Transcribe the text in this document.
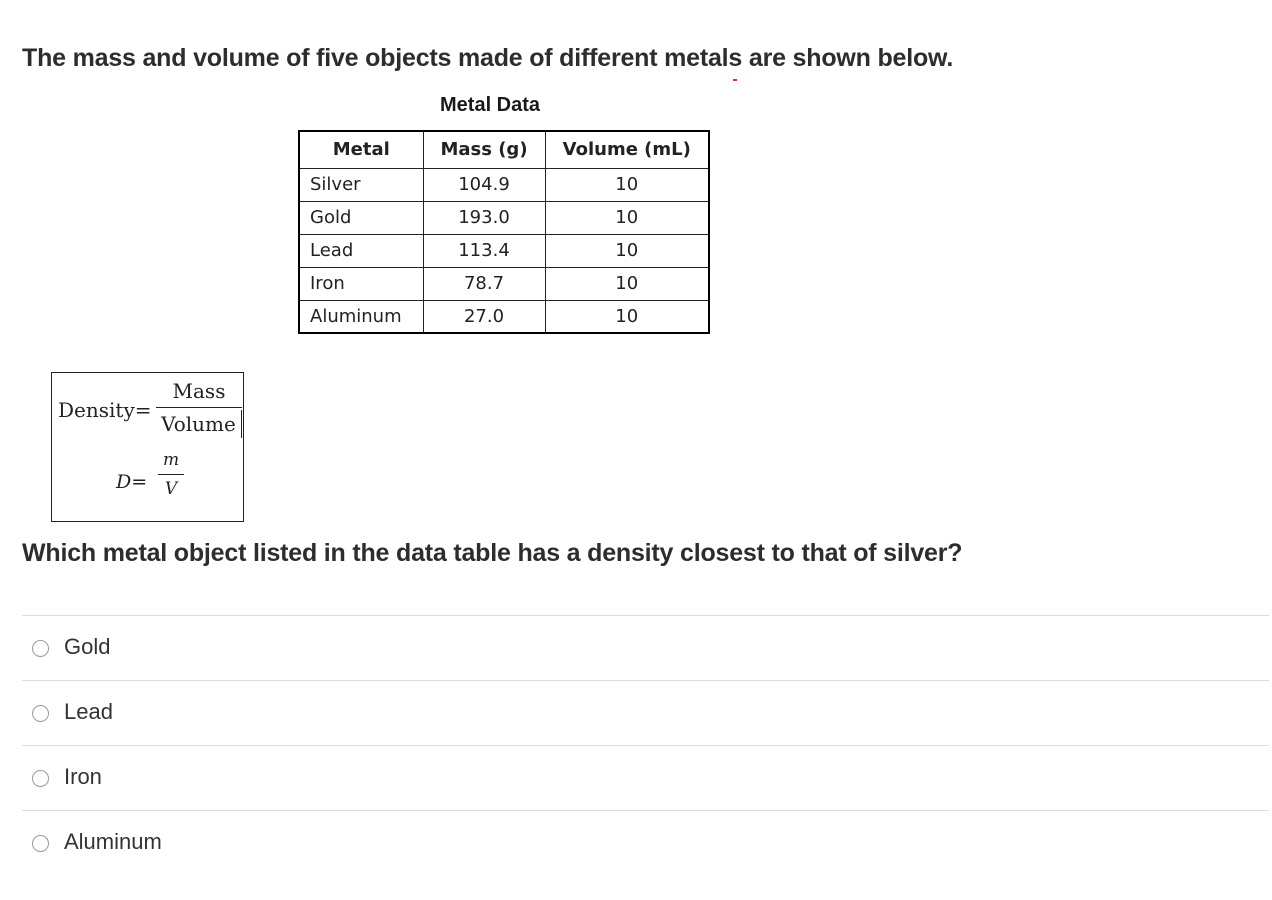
The mass and volume of five objects made of different metals are shown below.
Metal Data
Metal	Mass (g)	Volume (mL)
Silver	104.9	10
Gold	193.0	10
Lead	113.4	10
Iron	78.7	10
Aluminum	27.0	10
Density=
Mass
Volume
D=
m
V
Which metal object listed in the data table has a density closest to that of silver?
Gold
Lead
Iron
Aluminum
